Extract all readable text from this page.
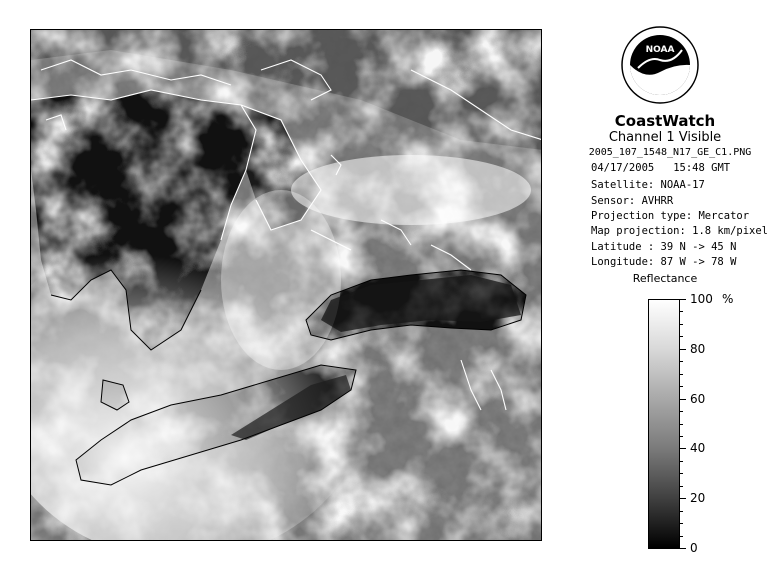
NOAA
CoastWatch
Channel 1 Visible
2005_107_1548_N17_GE_C1.PNG
04/17/2005 15:48 GMT
Satellite: NOAA-17
Sensor: AVHRR
Projection type: Mercator
Map projection: 1.8 km/pixel
Latitude : 39 N -> 45 N
Longitude: 87 W -> 78 W
Reflectance
100
80
60
40
20
0
%
